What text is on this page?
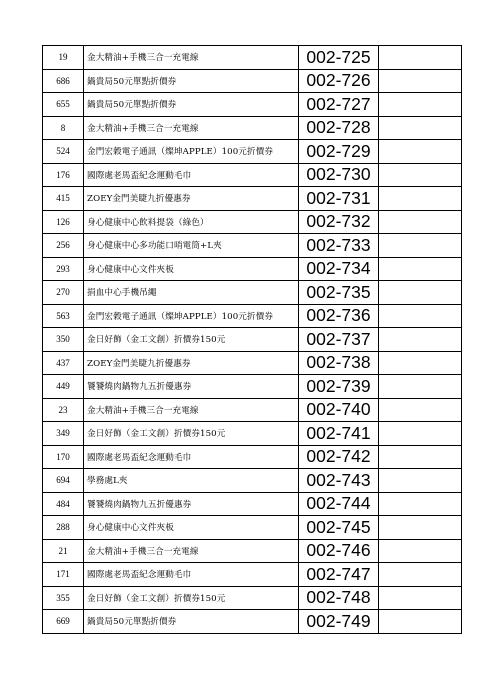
19	金大精油+手機三合一充電線	002-725	
686	鍋貴局50元單點折價券	002-726	
655	鍋貴局50元單點折價券	002-727	
8	金大精油+手機三合一充電線	002-728	
524	金門宏穀電子通訊（燦坤APPLE）100元折價券	002-729	
176	國際處老馬盃紀念運動毛巾	002-730	
415	ZOEY金門美睫九折優惠券	002-731	
126	身心健康中心飲料提袋（綠色）	002-732	
256	身心健康中心多功能口哨電筒+L夾	002-733	
293	身心健康中心文件夾板	002-734	
270	捐血中心手機吊繩	002-735	
563	金門宏穀電子通訊（燦坤APPLE）100元折價券	002-736	
350	金日好飾（金工文創）折價券150元	002-737	
437	ZOEY金門美睫九折優惠券	002-738	
449	饕饕燒肉鍋物九五折優惠券	002-739	
23	金大精油+手機三合一充電線	002-740	
349	金日好飾（金工文創）折價券150元	002-741	
170	國際處老馬盃紀念運動毛巾	002-742	
694	學務處L夾	002-743	
484	饕饕燒肉鍋物九五折優惠券	002-744	
288	身心健康中心文件夾板	002-745	
21	金大精油+手機三合一充電線	002-746	
171	國際處老馬盃紀念運動毛巾	002-747	
355	金日好飾（金工文創）折價券150元	002-748	
669	鍋貴局50元單點折價券	002-749	
